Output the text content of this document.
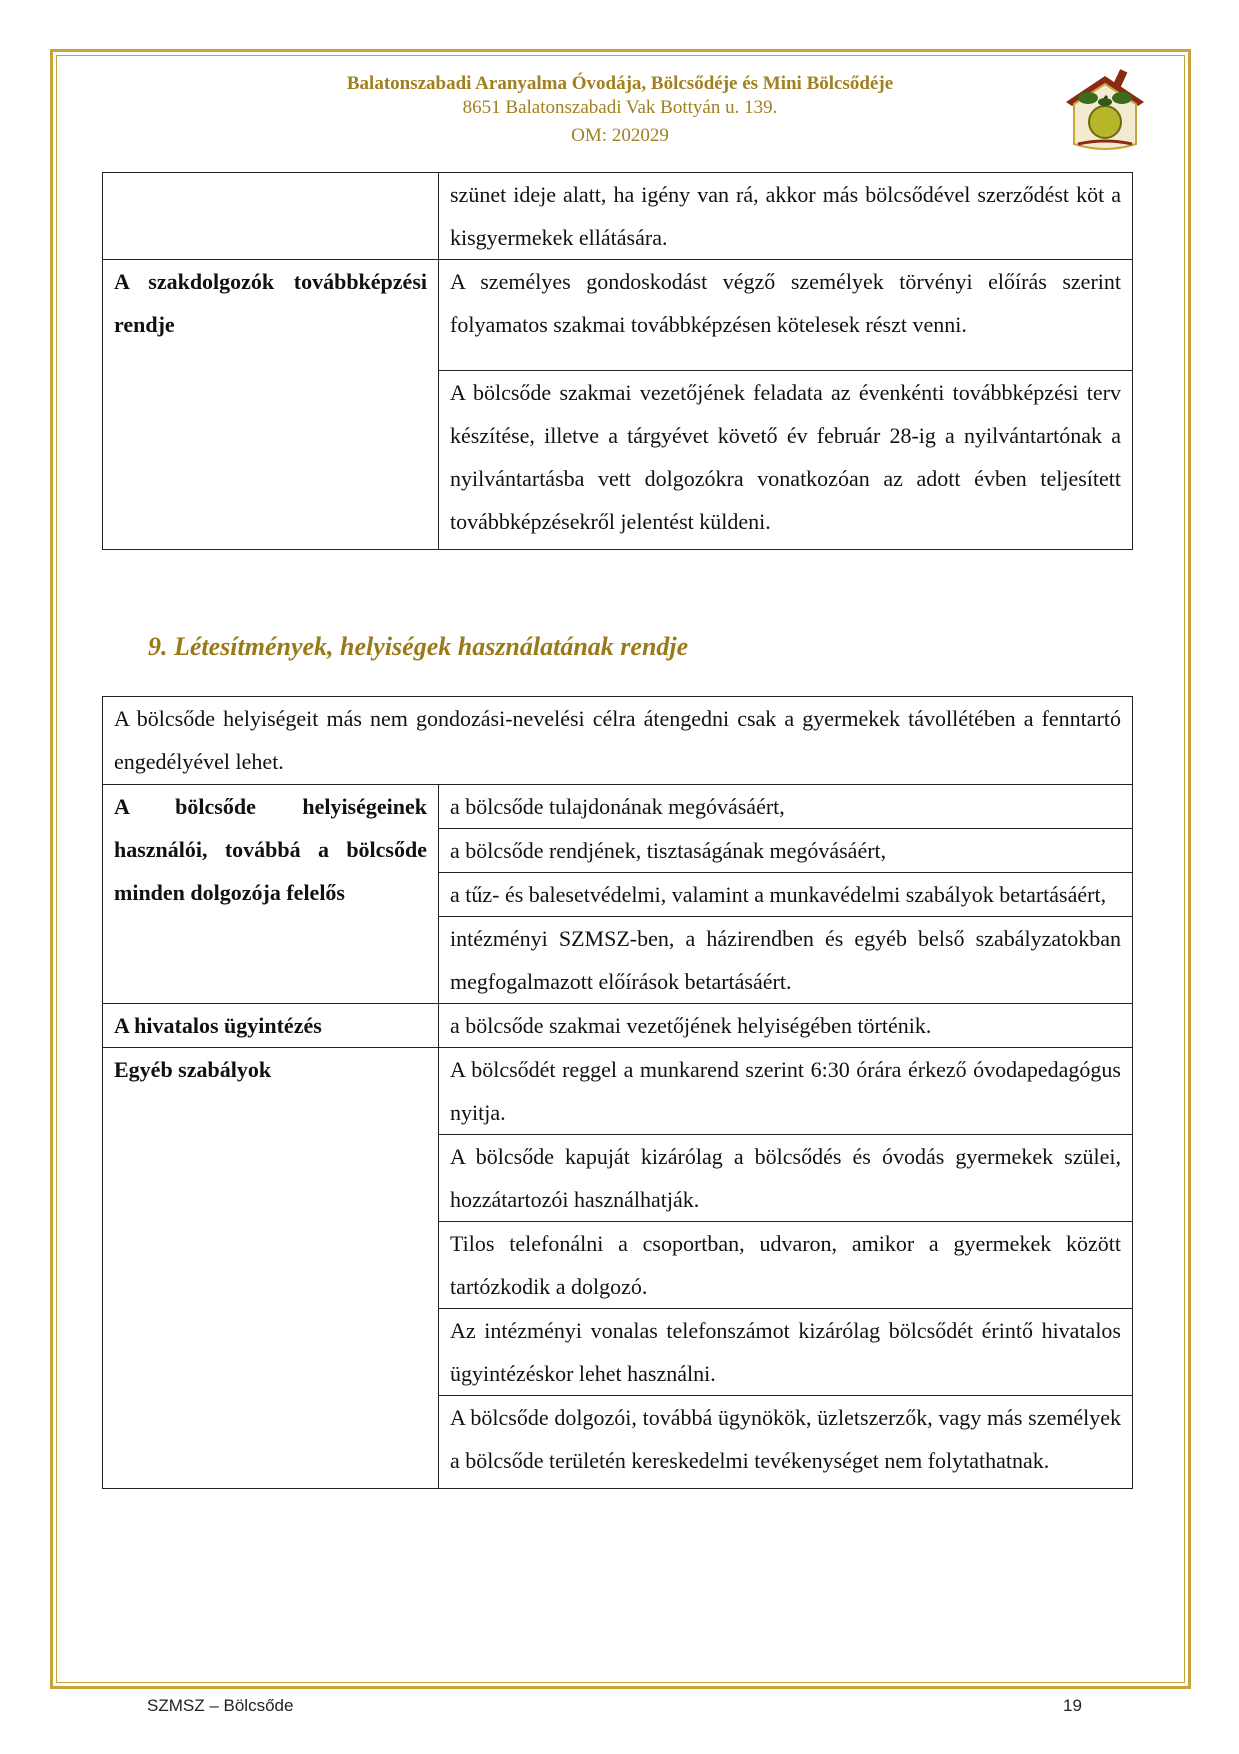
Balatonszabadi Aranyalma Óvodája, Bölcsődéje és Mini Bölcsődéje
8651 Balatonszabadi Vak Bottyán u. 139.
OM: 202029
	szünet ideje alatt, ha igény van rá, akkor más bölcsődével szerződést köt a kisgyermekek ellátására.

A szakdolgozók továbbképzési rendje	A személyes gondoskodást végző személyek törvényi előírás szerint folyamatos szakmai továbbképzésen kötelesek részt venni.
	A bölcsőde szakmai vezetőjének feladata az évenkénti továbbképzési terv készítése, illetve a tárgyévet követő év február 28-ig a nyilvántartónak a nyilvántartásba vett dolgozókra vonatkozóan az adott évben teljesített továbbképzésekről jelentést küldeni.
9. Létesítmények, helyiségek használatának rendje
A bölcsőde helyiségeit más nem gondozási-nevelési célra átengedni csak a gyermekek távollétében a fenntartó engedélyével lehet.	

A bölcsőde helyiségeinek használói, továbbá a bölcsőde minden dolgozója felelős	a bölcsőde tulajdonának megóvásáért,
	a bölcsőde rendjének, tisztaságának megóvásáért,
	a tűz- és balesetvédelmi, valamint a munkavédelmi szabályok betartásáért,
	intézményi SZMSZ-ben, a házirendben és egyéb belső szabályzatokban megfogalmazott előírások betartásáért.
A hivatalos ügyintézés	a bölcsőde szakmai vezetőjének helyiségében történik.
Egyéb szabályok	A bölcsődét reggel a munkarend szerint 6:30 órára érkező óvodapedagógus nyitja.
	A bölcsőde kapuját kizárólag a bölcsődés és óvodás gyermekek szülei, hozzátartozói használhatják.
	Tilos telefonálni a csoportban, udvaron, amikor a gyermekek között tartózkodik a dolgozó.
	Az intézményi vonalas telefonszámot kizárólag bölcsődét érintő hivatalos ügyintézéskor lehet használni.
	A bölcsőde dolgozói, továbbá ügynökök, üzletszerzők, vagy más személyek a bölcsőde területén kereskedelmi tevékenységet nem folytathatnak.
SZMSZ – Bölcsőde	19
